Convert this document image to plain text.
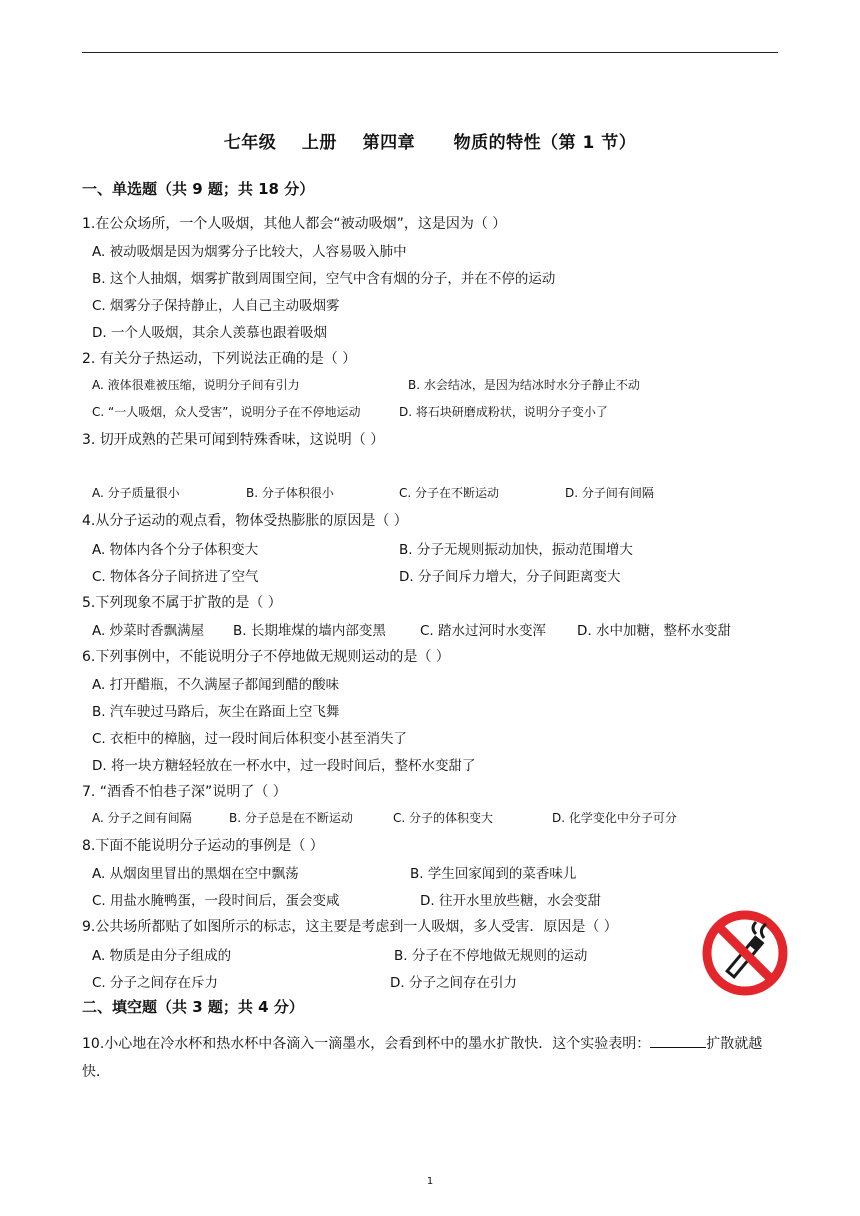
七年级    上册    第四章      物质的特性（第 1 节）
一、单选题（共 9 题；共 18 分）
1.在公众场所，一个人吸烟，其他人都会“被动吸烟”，这是因为（ ）
A. 被动吸烟是因为烟雾分子比较大，人容易吸入肺中
B. 这个人抽烟，烟雾扩散到周围空间，空气中含有烟的分子，并在不停的运动
C. 烟雾分子保持静止，人自己主动吸烟雾
D. 一个人吸烟，其余人羡慕也跟着吸烟
2. 有关分子热运动，下列说法正确的是（ ）
A. 液体很难被压缩，说明分子间有引力	B. 水会结冰，是因为结冰时水分子静止不动
C. “一人吸烟，众人受害”，说明分子在不停地运动	D. 将石块研磨成粉状，说明分子变小了
3. 切开成熟的芒果可闻到特殊香味，这说明（ ）
A. 分子质量很小	B. 分子体积很小	C. 分子在不断运动	D. 分子间有间隔
4.从分子运动的观点看，物体受热膨胀的原因是（ ）
A. 物体内各个分子体积变大	B. 分子无规则振动加快，振动范围增大
C. 物体各分子间挤进了空气	D. 分子间斥力增大，分子间距离变大
5.下列现象不属于扩散的是（ ）
A. 炒菜时香飘满屋 B. 长期堆煤的墙内部变黑	C. 踏水过河时水变浑 D. 水中加糖，整杯水变甜
6.下列事例中，不能说明分子不停地做无规则运动的是（ ）
A. 打开醋瓶，不久满屋子都闻到醋的酸味
B. 汽车驶过马路后，灰尘在路面上空飞舞
C. 衣柜中的樟脑，过一段时间后体积变小甚至消失了
D. 将一块方糖轻轻放在一杯水中，过一段时间后，整杯水变甜了
7. “酒香不怕巷子深”说明了（ ）
A. 分子之间有间隔	B. 分子总是在不断运动	C. 分子的体积变大	D. 化学变化中分子可分
8.下面不能说明分子运动的事例是（ ）
A. 从烟囱里冒出的黑烟在空中飘荡	B. 学生回家闻到的菜香味儿
C. 用盐水腌鸭蛋，一段时间后，蛋会变咸	D. 往开水里放些糖，水会变甜
9.公共场所都贴了如图所示的标志，这主要是考虑到一人吸烟，多人受害．原因是（ ）
A. 物质是由分子组成的	B. 分子在不停地做无规则的运动
C. 分子之间存在斥力	D. 分子之间存在引力
二、填空题（共 3 题；共 4 分）
10.小心地在冷水杯和热水杯中各滴入一滴墨水，会看到杯中的墨水扩散快．这个实验表明：	扩散就越快．
1
